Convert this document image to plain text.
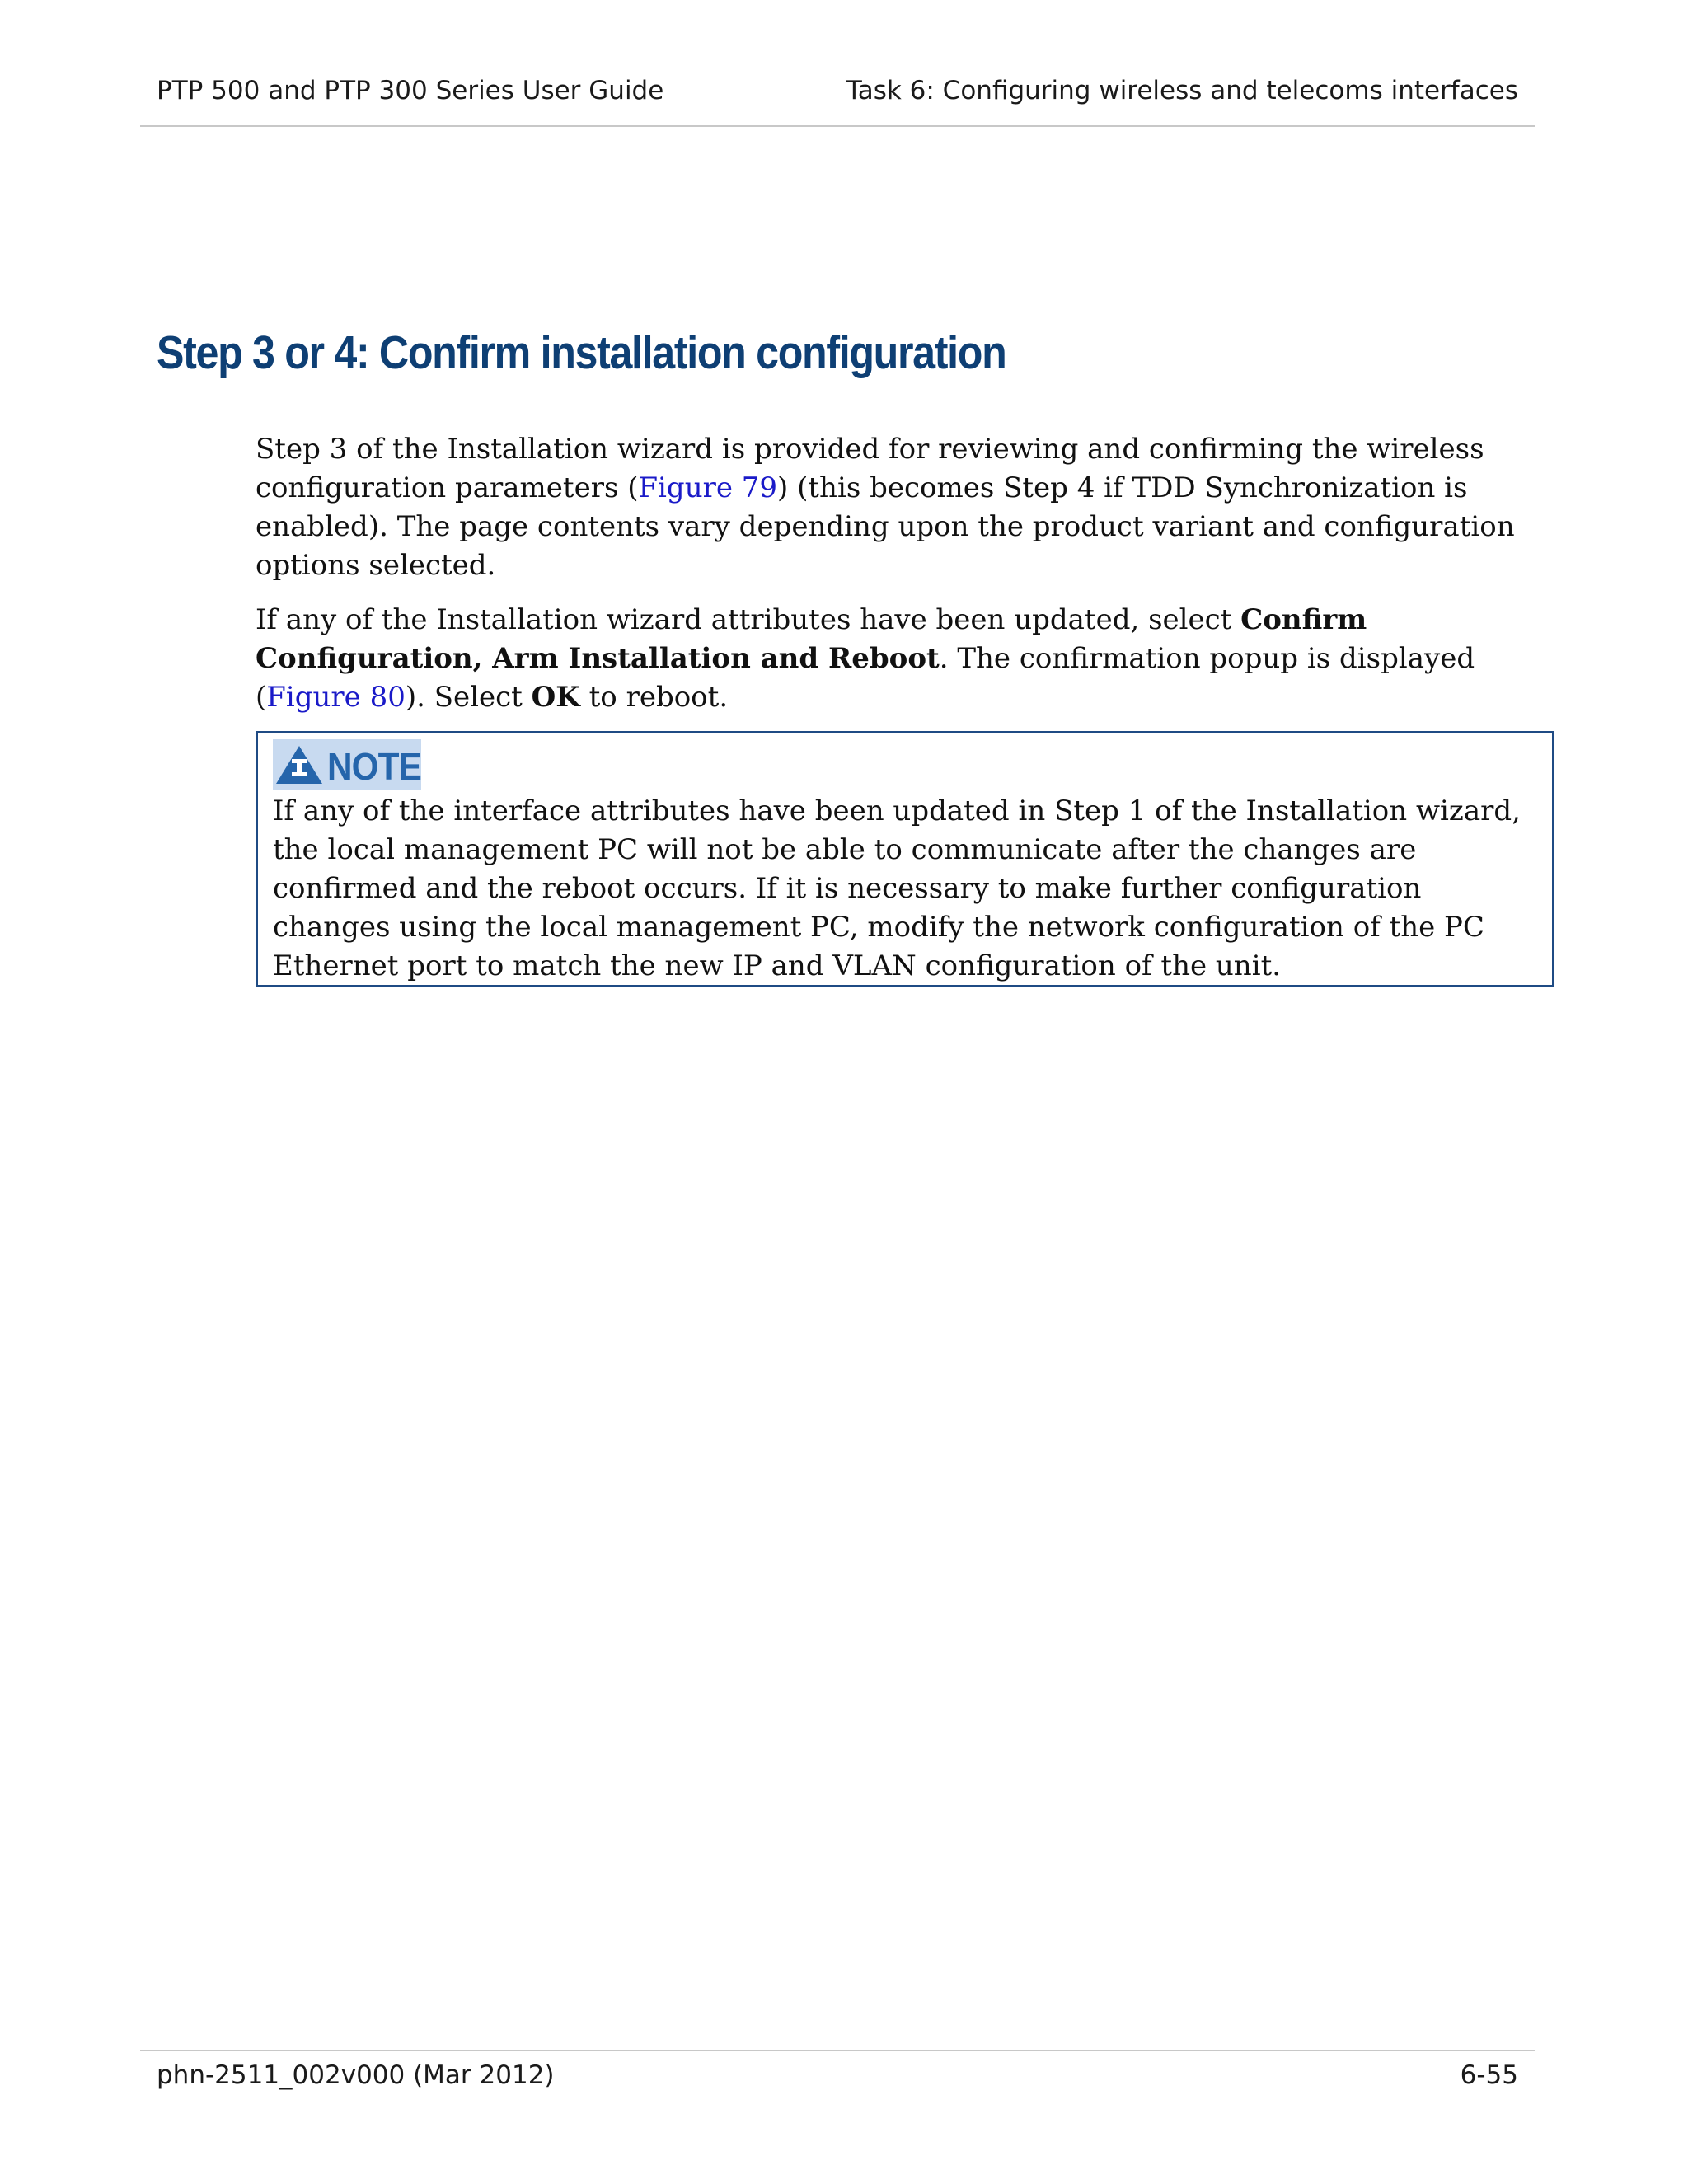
PTP 500 and PTP 300 Series User Guide	Task 6: Configuring wireless and telecoms interfaces
Step 3 or 4: Confirm installation configuration

Step 3 of the Installation wizard is provided for reviewing and confirming the wireless configuration parameters (Figure 79) (this becomes Step 4 if TDD Synchronization is enabled). The page contents vary depending upon the product variant and configuration options selected.

If any of the Installation wizard attributes have been updated, select Confirm Configuration, Arm Installation and Reboot. The confirmation popup is displayed (Figure 80). Select OK to reboot.

NOTE
If any of the interface attributes have been updated in Step 1 of the Installation wizard, the local management PC will not be able to communicate after the changes are confirmed and the reboot occurs. If it is necessary to make further configuration changes using the local management PC, modify the network configuration of the PC Ethernet port to match the new IP and VLAN configuration of the unit.
phn-2511_002v000 (Mar 2012)	6-55
